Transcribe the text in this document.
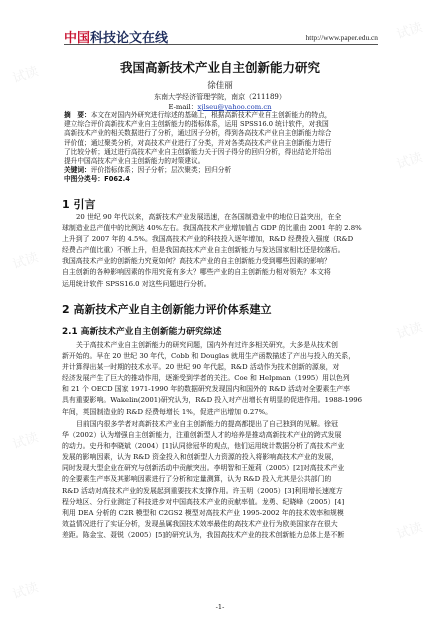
试读
试读
试读
试读
试读
试读
试读
试读
中国科技论文在线	http://www.paper.edu.cn
我国高新技术产业自主创新能力研究
徐佳丽
东南大学经济管理学院，南京（211189）
E-mail：xjlseu@yahoo.com.cn
摘　要：本文在对国内外研究进行综述的基础上，根据高新技术产业自主创新能力的特点，
建立综合评价高新技术产业自主创新能力的指标体系，运用 SPSS16.0 统计软件，对我国
高新技术产业的相关数据进行了分析，通过因子分析，得到各高技术产业自主创新能力综合
评价值；通过聚类分析，对高技术产业进行了分类，并对各类高技术产业自主创新能力进行
了比较分析；通过进行高技术产业自主创新能力关于因子得分的回归分析，得出结论并给出
提升中国高技术产业自主创新能力的对策建议。
关键词：评价指标体系；因子分析；层次聚类；回归分析
中图分类号：F062.4
1 引言
20 世纪 90 年代以来，高新技术产业发展迅速，在各国制造业中的地位日益突出，在全
球制造业总产值中的比例达 40%左右。我国高技术产业增加值占 GDP 的比重由 2001 年的 2.8%
上升到了 2007 年的 4.5%。我国高技术产业的科技投入逐年增加，R&D 经费投入强度（R&D
经费占产值比重）不断上升，但是我国高技术产业自主创新能力与发达国家相比还是较落后。
我国高技术产业的创新能力究竟如何？高技术产业的自主创新能力受到哪些因素的影响？
自主创新的各种影响因素的作用究竟有多大？哪些产业的自主创新能力相对领先？本文将
运用统计软件 SPSS16.0 对这些问题进行分析。
2 高新技术产业自主创新能力评价体系建立
2.1 高新技术产业自主创新能力研究综述
关于高技术产业自主创新能力的研究问题，国内外有过许多相关研究，大多是从技术创
新开始的。早在 20 世纪 30 年代，Cobb 和 Douglas 就用生产函数描述了产出与投入的关系，
并计算得出某一时期的技术水平。20 世纪 90 年代起，R&D 活动作为技术创新的源泉，对
经济发展产生了巨大的推动作用，逐渐受到学者的关注。Coe 和 Helpman（1995）用以色列
和 21 个 OECD 国家 1971-1990 年的数据研究发现国内和国外的 R&D 活动对全要素生产率
具有重要影响。Wakelin(2001)研究认为，R&D 投入对产出增长有明显的促进作用。1988-1996
年间，英国制造业的 R&D 经费每增长 1%，促进产出增加 0.27%。
目前国内很多学者对高新技术产业自主创新能力的提高都提出了自己独到的见解。徐冠
华（2002）认为增强自主创新能力，注重创新型人才的培养是推动高新技术产业的跨式发展
的动力。史丹和李晓斌（2004）[1]认同徐冠华的观点，他们运用统计数据分析了高技术产业
发展的影响因素，认为 R&D 资金投入和创新型人力资源的投入将影响高技术产业的发展，
同时发现大型企业在研究与创新活动中贡献突出。李明智和王娅莉（2005）[2]对高技术产业
的全要素生产率及其影响因素进行了分析和定量测算，认为 R&D 投入尤其是公共部门的
R&D 活动对高技术产业的发展起到重要技术支撑作用。许玉明（2005）[3]利用增长速度方
程分地区、分行业测定了科技进步对中国高技术产业的贡献率值。龙勇、纪晓峰（2005）[4]
利用 DEA 分析的 C2R 模型和 C2GS2 模型对高技术产业 1995-2002 年的技术效率和规模
效益情况进行了实证分析，发现虽属我国技术效率最佳的高技术产业行为欧美国家存在很大
差距。陈金宝、聂锐（2005）[5]的研究认为，我国高技术产业的技术创新能力总体上是不断
-1-
